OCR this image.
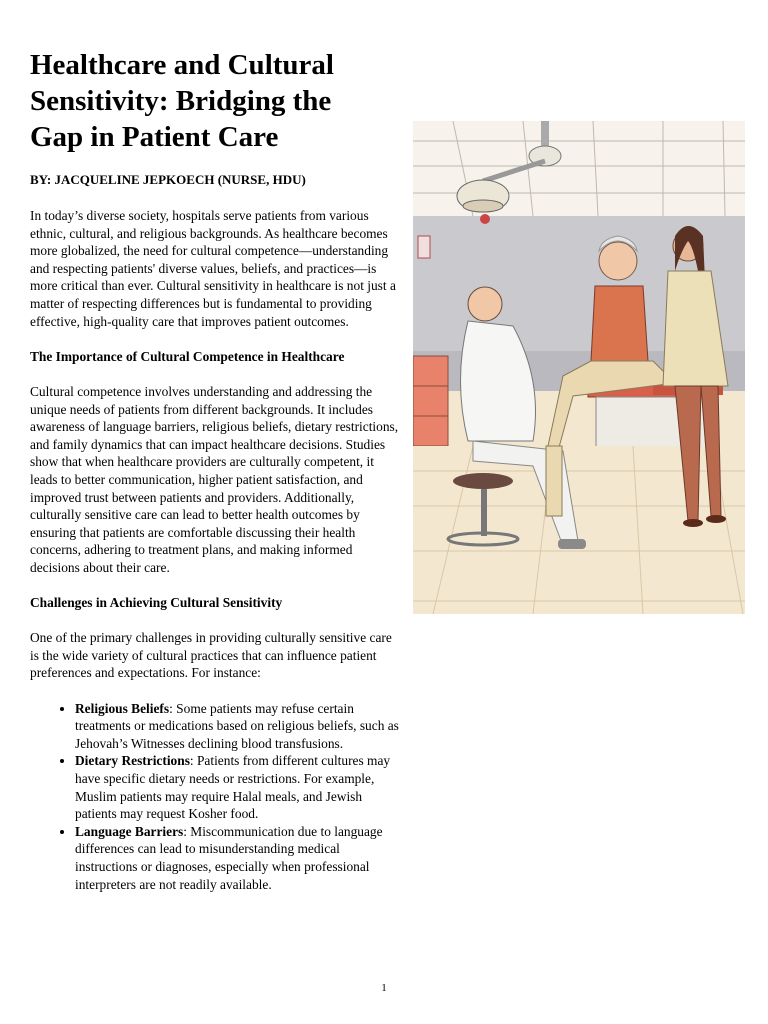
Healthcare and Cultural Sensitivity: Bridging the Gap in Patient Care
BY: JACQUELINE JEPKOECH (NURSE, HDU)

In today’s diverse society, hospitals serve patients from various ethnic, cultural, and religious backgrounds. As healthcare becomes more globalized, the need for cultural competence—understanding and respecting patients' diverse values, beliefs, and practices—is more critical than ever. Cultural sensitivity in healthcare is not just a matter of respecting differences but is fundamental to providing effective, high-quality care that improves patient outcomes.

The Importance of Cultural Competence in Healthcare

Cultural competence involves understanding and addressing the unique needs of patients from different backgrounds. It includes awareness of language barriers, religious beliefs, dietary restrictions, and family dynamics that can impact healthcare decisions. Studies show that when healthcare providers are culturally competent, it leads to better communication, higher patient satisfaction, and improved trust between patients and providers. Additionally, culturally sensitive care can lead to better health outcomes by ensuring that patients are comfortable discussing their health concerns, adhering to treatment plans, and making informed decisions about their care.

Challenges in Achieving Cultural Sensitivity

One of the primary challenges in providing culturally sensitive care is the wide variety of cultural practices that can influence patient preferences and expectations. For instance:

• Religious Beliefs: Some patients may refuse certain treatments or medications based on religious beliefs, such as Jehovah’s Witnesses declining blood transfusions.
• Dietary Restrictions: Patients from different cultures may have specific dietary needs or restrictions. For example, Muslim patients may require Halal meals, and Jewish patients may request Kosher food.
• Language Barriers: Miscommunication due to language differences can lead to misunderstanding medical instructions or diagnoses, especially when professional interpreters are not readily available.
1
